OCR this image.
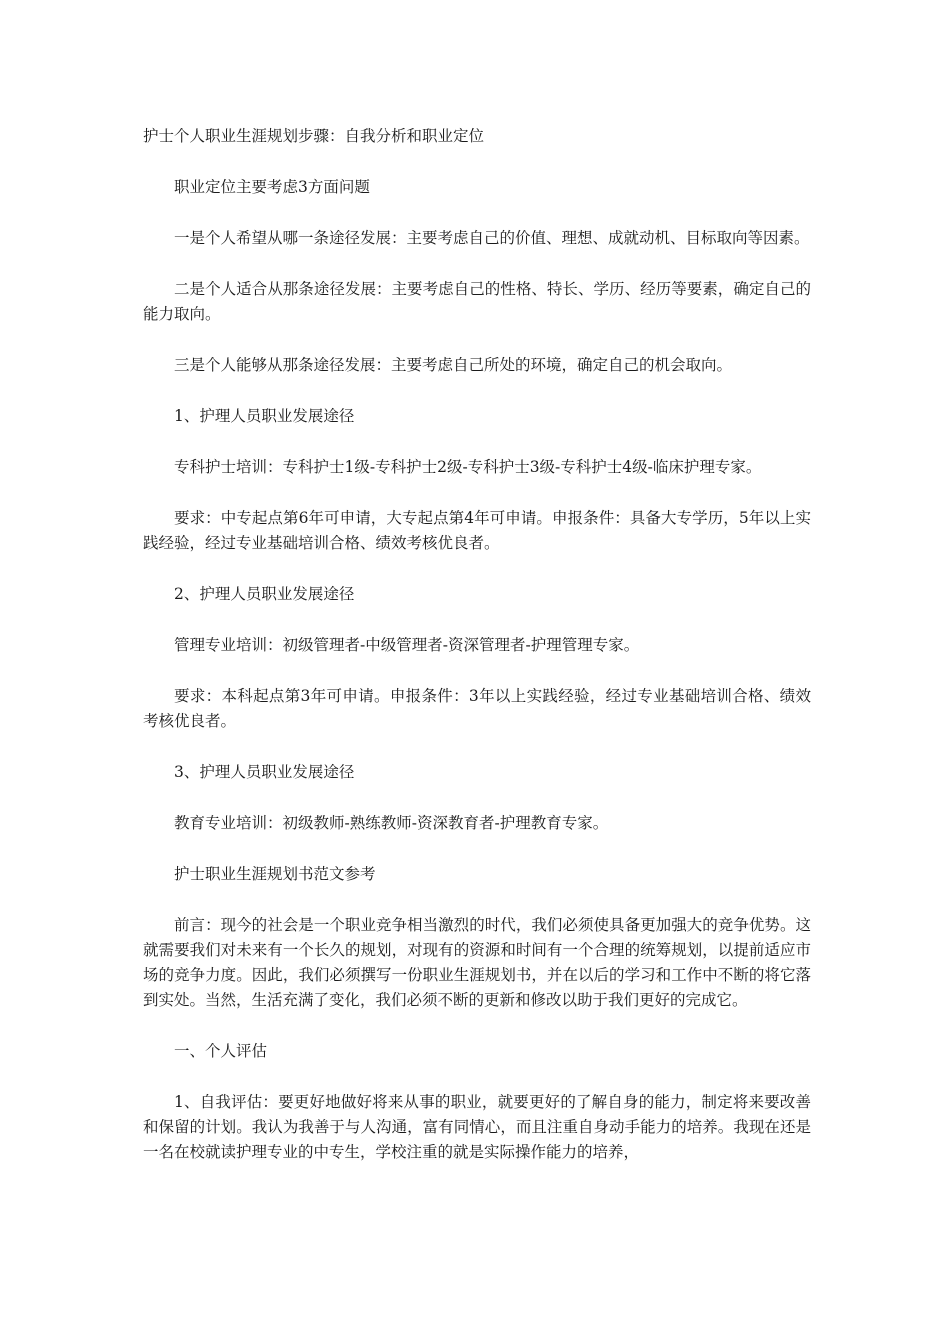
护士个人职业生涯规划步骤：自我分析和职业定位

职业定位主要考虑3方面问题

一是个人希望从哪一条途径发展：主要考虑自己的价值、理想、成就动机、目标取向等因素。

二是个人适合从那条途径发展：主要考虑自己的性格、特长、学历、经历等要素，确定自己的能力取向。

三是个人能够从那条途径发展：主要考虑自己所处的环境，确定自己的机会取向。

1、护理人员职业发展途径

专科护士培训：专科护士1级-专科护士2级-专科护士3级-专科护士4级-临床护理专家。

要求：中专起点第6年可申请，大专起点第4年可申请。申报条件：具备大专学历，5年以上实践经验，经过专业基础培训合格、绩效考核优良者。

2、护理人员职业发展途径

管理专业培训：初级管理者-中级管理者-资深管理者-护理管理专家。

要求：本科起点第3年可申请。申报条件：3年以上实践经验，经过专业基础培训合格、绩效考核优良者。

3、护理人员职业发展途径

教育专业培训：初级教师-熟练教师-资深教育者-护理教育专家。

护士职业生涯规划书范文参考

前言：现今的社会是一个职业竞争相当激烈的时代，我们必须使具备更加强大的竞争优势。这就需要我们对未来有一个长久的规划，对现有的资源和时间有一个合理的统筹规划，以提前适应市场的竞争力度。因此，我们必须撰写一份职业生涯规划书，并在以后的学习和工作中不断的将它落到实处。当然，生活充满了变化，我们必须不断的更新和修改以助于我们更好的完成它。

一、个人评估

1、自我评估：要更好地做好将来从事的职业，就要更好的了解自身的能力，制定将来要改善和保留的计划。我认为我善于与人沟通，富有同情心，而且注重自身动手能力的培养。我现在还是一名在校就读护理专业的中专生，学校注重的就是实际操作能力的培养，
